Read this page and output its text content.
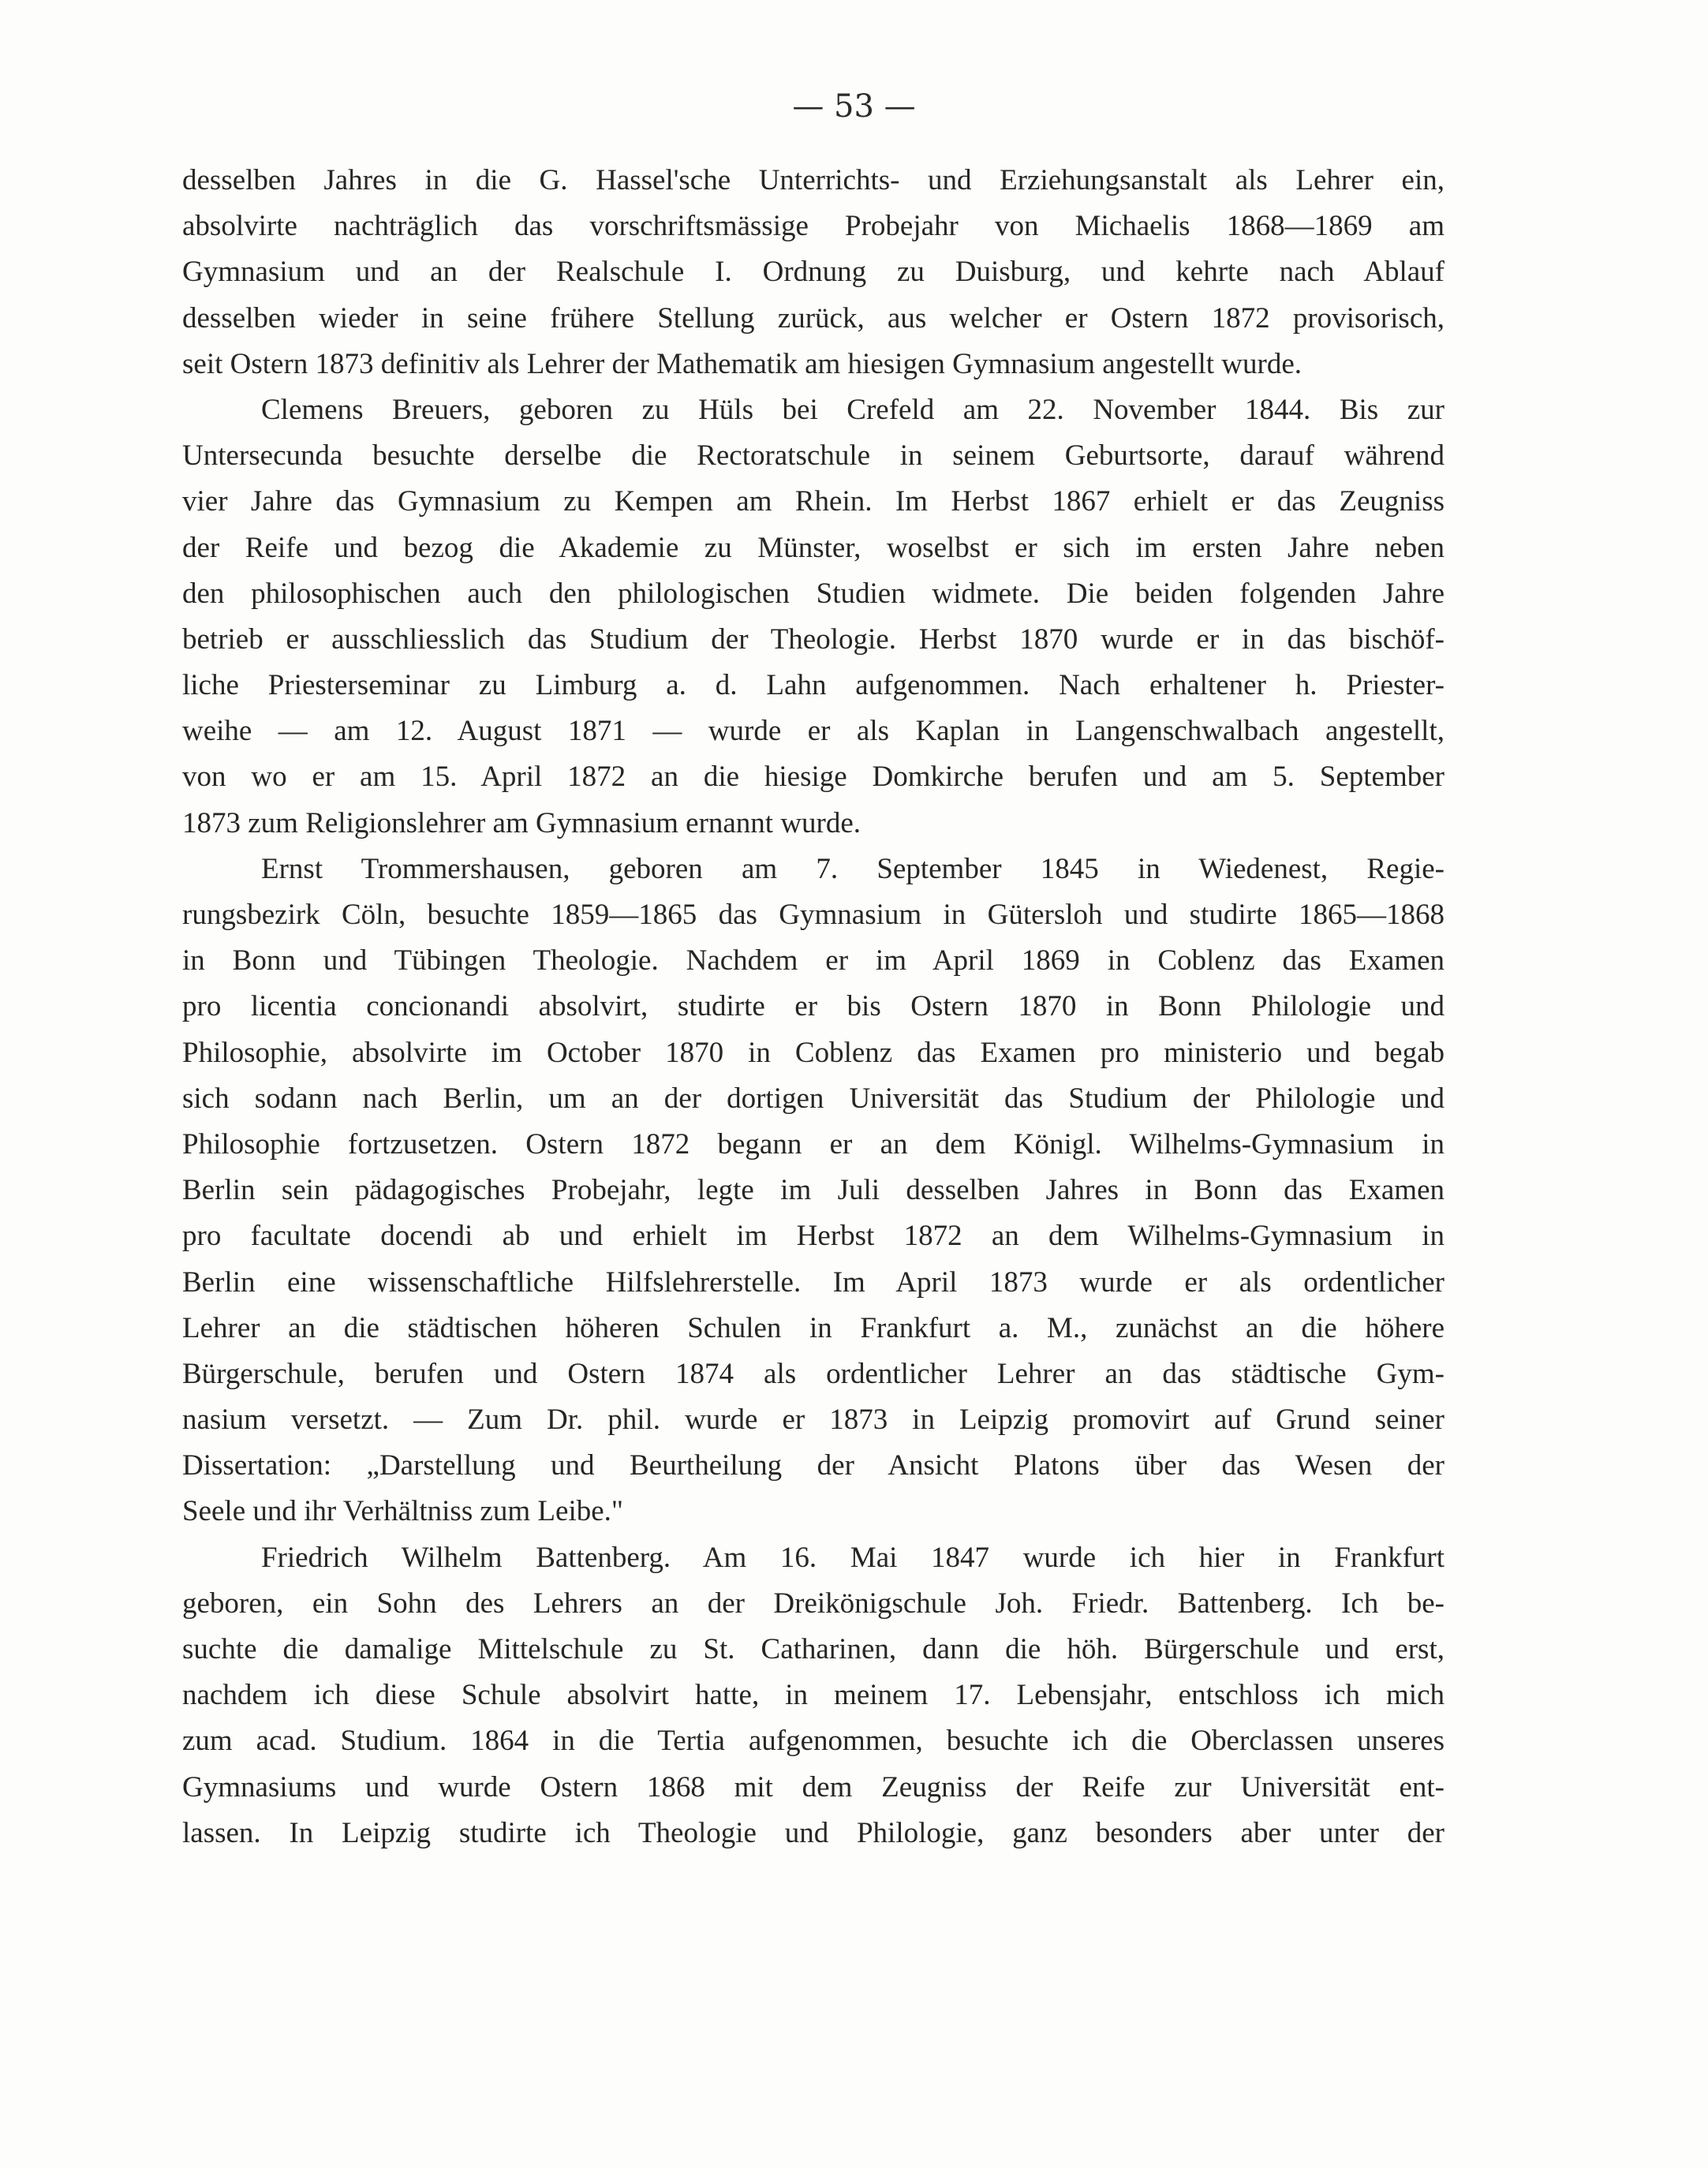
— 53 —
desselben Jahres in die G. Hassel'sche Unterrichts- und Erziehungsanstalt als Lehrer ein,
absolvirte nachträglich das vorschriftsmässige Probejahr von Michaelis 1868—1869 am
Gymnasium und an der Realschule I. Ordnung zu Duisburg, und kehrte nach Ablauf
desselben wieder in seine frühere Stellung zurück, aus welcher er Ostern 1872 provisorisch,
seit Ostern 1873 definitiv als Lehrer der Mathematik am hiesigen Gymnasium angestellt wurde.
Clemens Breuers, geboren zu Hüls bei Crefeld am 22. November 1844. Bis zur
Untersecunda besuchte derselbe die Rectoratschule in seinem Geburtsorte, darauf während
vier Jahre das Gymnasium zu Kempen am Rhein. Im Herbst 1867 erhielt er das Zeugniss
der Reife und bezog die Akademie zu Münster, woselbst er sich im ersten Jahre neben
den philosophischen auch den philologischen Studien widmete. Die beiden folgenden Jahre
betrieb er ausschliesslich das Studium der Theologie. Herbst 1870 wurde er in das bischöf-
liche Priesterseminar zu Limburg a. d. Lahn aufgenommen. Nach erhaltener h. Priester-
weihe — am 12. August 1871 — wurde er als Kaplan in Langenschwalbach angestellt,
von wo er am 15. April 1872 an die hiesige Domkirche berufen und am 5. September
1873 zum Religionslehrer am Gymnasium ernannt wurde.
Ernst Trommershausen, geboren am 7. September 1845 in Wiedenest, Regie-
rungsbezirk Cöln, besuchte 1859—1865 das Gymnasium in Gütersloh und studirte 1865—1868
in Bonn und Tübingen Theologie. Nachdem er im April 1869 in Coblenz das Examen
pro licentia concionandi absolvirt, studirte er bis Ostern 1870 in Bonn Philologie und
Philosophie, absolvirte im October 1870 in Coblenz das Examen pro ministerio und begab
sich sodann nach Berlin, um an der dortigen Universität das Studium der Philologie und
Philosophie fortzusetzen. Ostern 1872 begann er an dem Königl. Wilhelms-Gymnasium in
Berlin sein pädagogisches Probejahr, legte im Juli desselben Jahres in Bonn das Examen
pro facultate docendi ab und erhielt im Herbst 1872 an dem Wilhelms-Gymnasium in
Berlin eine wissenschaftliche Hilfslehrerstelle. Im April 1873 wurde er als ordentlicher
Lehrer an die städtischen höheren Schulen in Frankfurt a. M., zunächst an die höhere
Bürgerschule, berufen und Ostern 1874 als ordentlicher Lehrer an das städtische Gym-
nasium versetzt. — Zum Dr. phil. wurde er 1873 in Leipzig promovirt auf Grund seiner
Dissertation: „Darstellung und Beurtheilung der Ansicht Platons über das Wesen der
Seele und ihr Verhältniss zum Leibe."
Friedrich Wilhelm Battenberg. Am 16. Mai 1847 wurde ich hier in Frankfurt
geboren, ein Sohn des Lehrers an der Dreikönigschule Joh. Friedr. Battenberg. Ich be-
suchte die damalige Mittelschule zu St. Catharinen, dann die höh. Bürgerschule und erst,
nachdem ich diese Schule absolvirt hatte, in meinem 17. Lebensjahr, entschloss ich mich
zum acad. Studium. 1864 in die Tertia aufgenommen, besuchte ich die Oberclassen unseres
Gymnasiums und wurde Ostern 1868 mit dem Zeugniss der Reife zur Universität ent-
lassen. In Leipzig studirte ich Theologie und Philologie, ganz besonders aber unter der
